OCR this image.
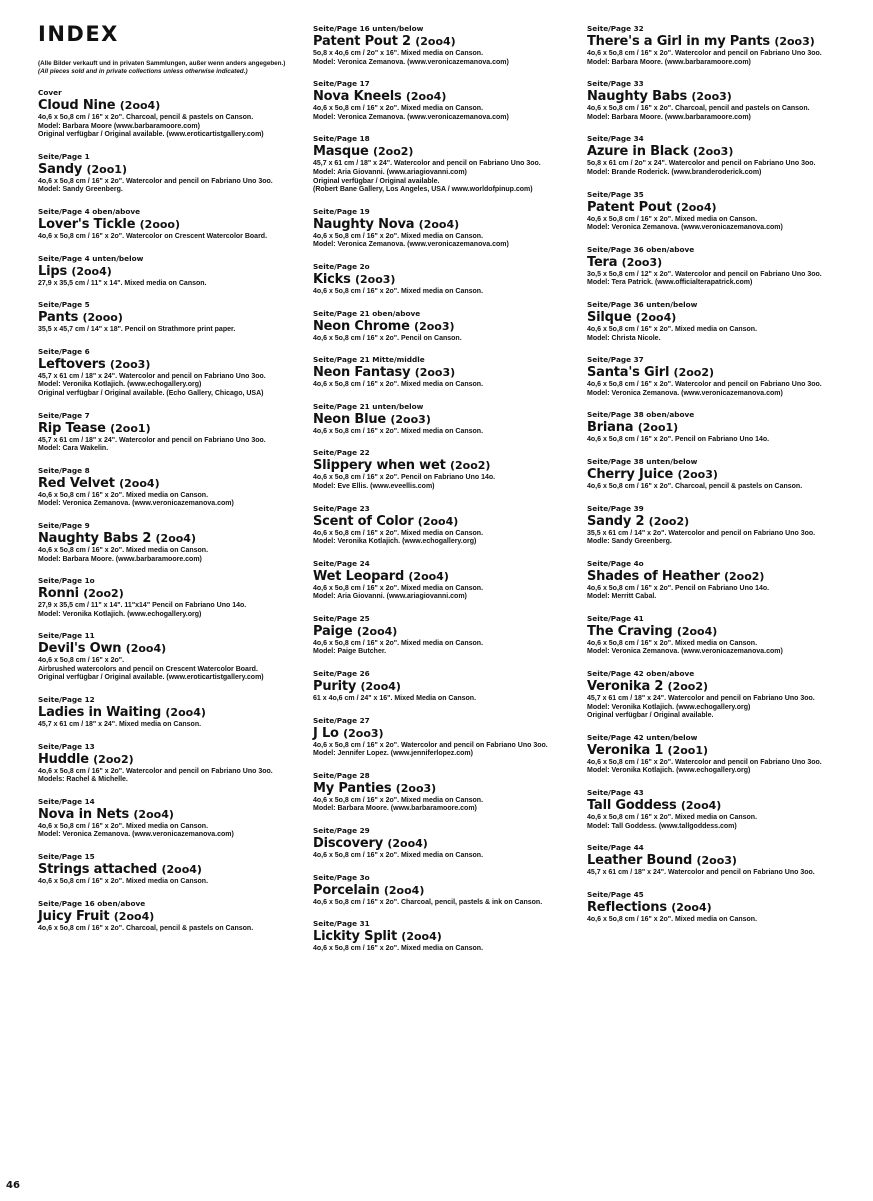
INDEX

(Alle Bilder verkauft und in privaten Sammlungen, außer wenn anders angegeben.)

(All pieces sold and in private collections unless otherwise indicated.)

Cover
Cloud Nine (2oo4)
4o,6 x 5o,8 cm / 16" x 2o". Charcoal, pencil & pastels on Canson.
Model: Barbara Moore (www.barbaramoore.com)
Original verfügbar / Original available. (www.eroticartistgallery.com)
Seite/Page 1
Sandy (2oo1)
4o,6 x 5o,8 cm / 16" x 2o". Watercolor and pencil on Fabriano Uno 3oo.
Model: Sandy Greenberg.
Seite/Page 4 oben/above
Lover's Tickle (2ooo)
4o,6 x 5o,8 cm / 16" x 2o". Watercolor on Crescent Watercolor Board.
Seite/Page 4 unten/below
Lips (2oo4)
27,9 x 35,5 cm / 11" x 14". Mixed media on Canson.
Seite/Page 5
Pants (2ooo)
35,5 x 45,7 cm / 14" x 18". Pencil on Strathmore print paper.
Seite/Page 6
Leftovers (2oo3)
45,7 x 61 cm / 18" x 24". Watercolor and pencil on Fabriano Uno 3oo.
Model: Veronika Kotlajich. (www.echogallery.org)
Original verfügbar / Original available. (Echo Gallery, Chicago, USA)
Seite/Page 7
Rip Tease (2oo1)
45,7 x 61 cm / 18" x 24". Watercolor and pencil on Fabriano Uno 3oo.
Model: Cara Wakelin.
Seite/Page 8
Red Velvet (2oo4)
4o,6 x 5o,8 cm / 16" x 2o". Mixed media on Canson.
Model: Veronica Zemanova. (www.veronicazemanova.com)
Seite/Page 9
Naughty Babs 2 (2oo4)
4o,6 x 5o,8 cm / 16" x 2o". Mixed media on Canson.
Model: Barbara Moore. (www.barbaramoore.com)
Seite/Page 1o
Ronni (2oo2)
27,9 x 35,5 cm / 11" x 14". 11"x14" Pencil on Fabriano Uno 14o.
Model: Veronika Kotlajich. (www.echogallery.org)
Seite/Page 11
Devil's Own (2oo4)
4o,6 x 5o,8 cm / 16" x 2o".
Airbrushed watercolors and pencil on Crescent Watercolor Board.
Original verfügbar / Original available. (www.eroticartistgallery.com)
Seite/Page 12
Ladies in Waiting (2oo4)
45,7 x 61 cm / 18" x 24". Mixed media on Canson.
Seite/Page 13
Huddle (2oo2)
4o,6 x 5o,8 cm / 16" x 2o". Watercolor and pencil on Fabriano Uno 3oo.
Models: Rachel & Michelle.
Seite/Page 14
Nova in Nets (2oo4)
4o,6 x 5o,8 cm / 16" x 2o". Mixed media on Canson.
Model: Veronica Zemanova. (www.veronicazemanova.com)
Seite/Page 15
Strings attached (2oo4)
4o,6 x 5o,8 cm / 16" x 2o". Mixed media on Canson.
Seite/Page 16 oben/above
Juicy Fruit (2oo4)
4o,6 x 5o,8 cm / 16" x 2o". Charcoal, pencil & pastels on Canson.
Seite/Page 16 unten/below
Patent Pout 2 (2oo4)
5o,8 x 4o,6 cm / 2o" x 16". Mixed media on Canson.
Model: Veronica Zemanova. (www.veronicazemanova.com)
Seite/Page 17
Nova Kneels (2oo4)
4o,6 x 5o,8 cm / 16" x 2o". Mixed media on Canson.
Model: Veronica Zemanova. (www.veronicazemanova.com)
Seite/Page 18
Masque (2oo2)
45,7 x 61 cm / 18" x 24". Watercolor and pencil on Fabriano Uno 3oo.
Model: Aria Giovanni. (www.ariagiovanni.com)
Original verfügbar / Original available.
(Robert Bane Gallery, Los Angeles, USA / www.worldofpinup.com)
Seite/Page 19
Naughty Nova (2oo4)
4o,6 x 5o,8 cm / 16" x 2o". Mixed media on Canson.
Model: Veronica Zemanova. (www.veronicazemanova.com)
Seite/Page 2o
Kicks (2oo3)
4o,6 x 5o,8 cm / 16" x 2o". Mixed media on Canson.
Seite/Page 21 oben/above
Neon Chrome (2oo3)
4o,6 x 5o,8 cm / 16" x 2o". Pencil on Canson.
Seite/Page 21 Mitte/middle
Neon Fantasy (2oo3)
4o,6 x 5o,8 cm / 16" x 2o". Mixed media on Canson.
Seite/Page 21 unten/below
Neon Blue (2oo3)
4o,6 x 5o,8 cm / 16" x 2o". Mixed media on Canson.
Seite/Page 22
Slippery when wet (2oo2)
4o,6 x 5o,8 cm / 16" x 2o". Pencil on Fabriano Uno 14o.
Model: Eve Ellis. (www.eveellis.com)
Seite/Page 23
Scent of Color (2oo4)
4o,6 x 5o,8 cm / 16" x 2o". Mixed media on Canson.
Model: Veronika Kotlajich. (www.echogallery.org)
Seite/Page 24
Wet Leopard (2oo4)
4o,6 x 5o,8 cm / 16" x 2o". Mixed media on Canson.
Model: Aria Giovanni. (www.ariagiovanni.com)
Seite/Page 25
Paige (2oo4)
4o,6 x 5o,8 cm / 16" x 2o". Mixed media on Canson.
Model: Paige Butcher.
Seite/Page 26
Purity (2oo4)
61 x 4o,6 cm / 24" x 16". Mixed Media on Canson.
Seite/Page 27
J Lo (2oo3)
4o,6 x 5o,8 cm / 16" x 2o". Watercolor and pencil on Fabriano Uno 3oo.
Model: Jennifer Lopez. (www.jenniferlopez.com)
Seite/Page 28
My Panties (2oo3)
4o,6 x 5o,8 cm / 16" x 2o". Mixed media on Canson.
Model: Barbara Moore. (www.barbaramoore.com)
Seite/Page 29
Discovery (2oo4)
4o,6 x 5o,8 cm / 16" x 2o". Mixed media on Canson.
Seite/Page 3o
Porcelain (2oo4)
4o,6 x 5o,8 cm / 16" x 2o". Charcoal, pencil, pastels & ink on Canson.
Seite/Page 31
Lickity Split (2oo4)
4o,6 x 5o,8 cm / 16" x 2o". Mixed media on Canson.
Seite/Page 32
There's a Girl in my Pants (2oo3)
4o,6 x 5o,8 cm / 16" x 2o". Watercolor and pencil on Fabriano Uno 3oo.
Model: Barbara Moore. (www.barbaramoore.com)
Seite/Page 33
Naughty Babs (2oo3)
4o,6 x 5o,8 cm / 16" x 2o". Charcoal, pencil and pastels on Canson.
Model: Barbara Moore. (www.barbaramoore.com)
Seite/Page 34
Azure in Black (2oo3)
5o,8 x 61 cm / 2o" x 24". Watercolor and pencil on Fabriano Uno 3oo.
Model: Brande Roderick. (www.branderoderick.com)
Seite/Page 35
Patent Pout (2oo4)
4o,6 x 5o,8 cm / 16" x 2o". Mixed media on Canson.
Model: Veronica Zemanova. (www.veronicazemanova.com)
Seite/Page 36 oben/above
Tera (2oo3)
3o,5 x 5o,8 cm / 12" x 2o". Watercolor and pencil on Fabriano Uno 3oo.
Model: Tera Patrick. (www.officialterapatrick.com)
Seite/Page 36 unten/below
Silque (2oo4)
4o,6 x 5o,8 cm / 16" x 2o". Mixed media on Canson.
Model: Christa Nicole.
Seite/Page 37
Santa's Girl (2oo2)
4o,6 x 5o,8 cm / 16" x 2o". Watercolor and pencil on Fabriano Uno 3oo.
Model: Veronica Zemanova. (www.veronicazemanova.com)
Seite/Page 38 oben/above
Briana (2oo1)
4o,6 x 5o,8 cm / 16" x 2o". Pencil on Fabriano Uno 14o.
Seite/Page 38 unten/below
Cherry Juice (2oo3)
4o,6 x 5o,8 cm / 16" x 2o". Charcoal, pencil & pastels on Canson.
Seite/Page 39
Sandy 2 (2oo2)
35,5 x 61 cm / 14" x 2o". Watercolor and pencil on Fabriano Uno 3oo.
Modle: Sandy Greenberg.
Seite/Page 4o
Shades of Heather (2oo2)
4o,6 x 5o,8 cm / 16" x 2o". Pencil on Fabriano Uno 14o.
Model: Merritt Cabal.
Seite/Page 41
The Craving (2oo4)
4o,6 x 5o,8 cm / 16" x 2o". Mixed media on Canson.
Model: Veronica Zemanova. (www.veronicazemanova.com)
Seite/Page 42 oben/above
Veronika 2 (2oo2)
45,7 x 61 cm / 18" x 24". Watercolor and pencil on Fabriano Uno 3oo.
Model: Veronika Kotlajich. (www.echogallery.org)
Original verfügbar / Original available.
Seite/Page 42 unten/below
Veronika 1 (2oo1)
4o,6 x 5o,8 cm / 16" x 2o". Watercolor and pencil on Fabriano Uno 3oo.
Model: Veronika Kotlajich. (www.echogallery.org)
Seite/Page 43
Tall Goddess (2oo4)
4o,6 x 5o,8 cm / 16" x 2o". Mixed media on Canson.
Model: Tall Goddess. (www.tallgoddess.com)
Seite/Page 44
Leather Bound (2oo3)
45,7 x 61 cm / 18" x 24". Watercolor and pencil on Fabriano Uno 3oo.
Seite/Page 45
Reflections (2oo4)
4o,6 x 5o,8 cm / 16" x 2o". Mixed media on Canson.
46
